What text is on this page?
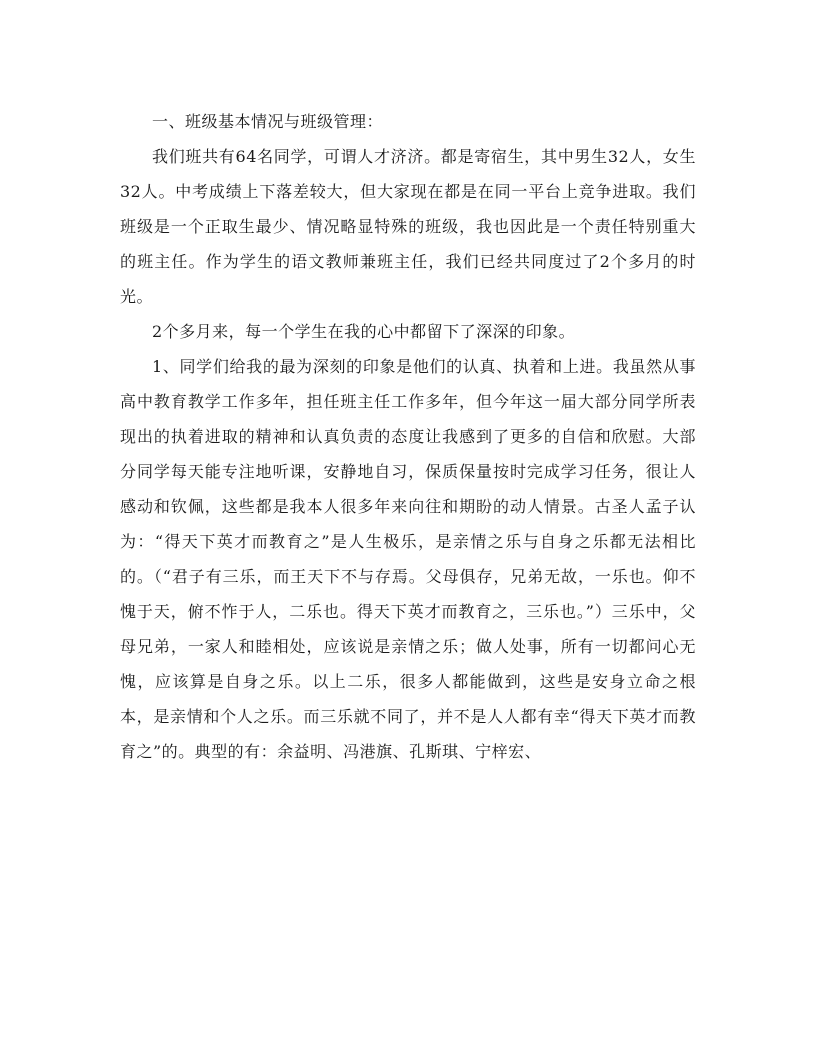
一、班级基本情况与班级管理：

我们班共有64名同学，可谓人才济济。都是寄宿生，其中男生32人，女生32人。中考成绩上下落差较大，但大家现在都是在同一平台上竞争进取。我们班级是一个正取生最少、情况略显特殊的班级，我也因此是一个责任特别重大的班主任。作为学生的语文教师兼班主任，我们已经共同度过了2个多月的时光。

2个多月来，每一个学生在我的心中都留下了深深的印象。

1、同学们给我的最为深刻的印象是他们的认真、执着和上进。我虽然从事高中教育教学工作多年，担任班主任工作多年，但今年这一届大部分同学所表现出的执着进取的精神和认真负责的态度让我感到了更多的自信和欣慰。大部分同学每天能专注地听课，安静地自习，保质保量按时完成学习任务，很让人感动和钦佩，这些都是我本人很多年来向往和期盼的动人情景。古圣人孟子认为：“得天下英才而教育之”是人生极乐，是亲情之乐与自身之乐都无法相比的。（“君子有三乐，而王天下不与存焉。父母俱存，兄弟无故，一乐也。仰不愧于天，俯不怍于人，二乐也。得天下英才而教育之，三乐也。”）三乐中，父母兄弟，一家人和睦相处，应该说是亲情之乐；做人处事，所有一切都问心无愧，应该算是自身之乐。以上二乐，很多人都能做到，这些是安身立命之根本，是亲情和个人之乐。而三乐就不同了，并不是人人都有幸“得天下英才而教育之”的。典型的有：余益明、冯港旗、孔斯琪、宁梓宏、
